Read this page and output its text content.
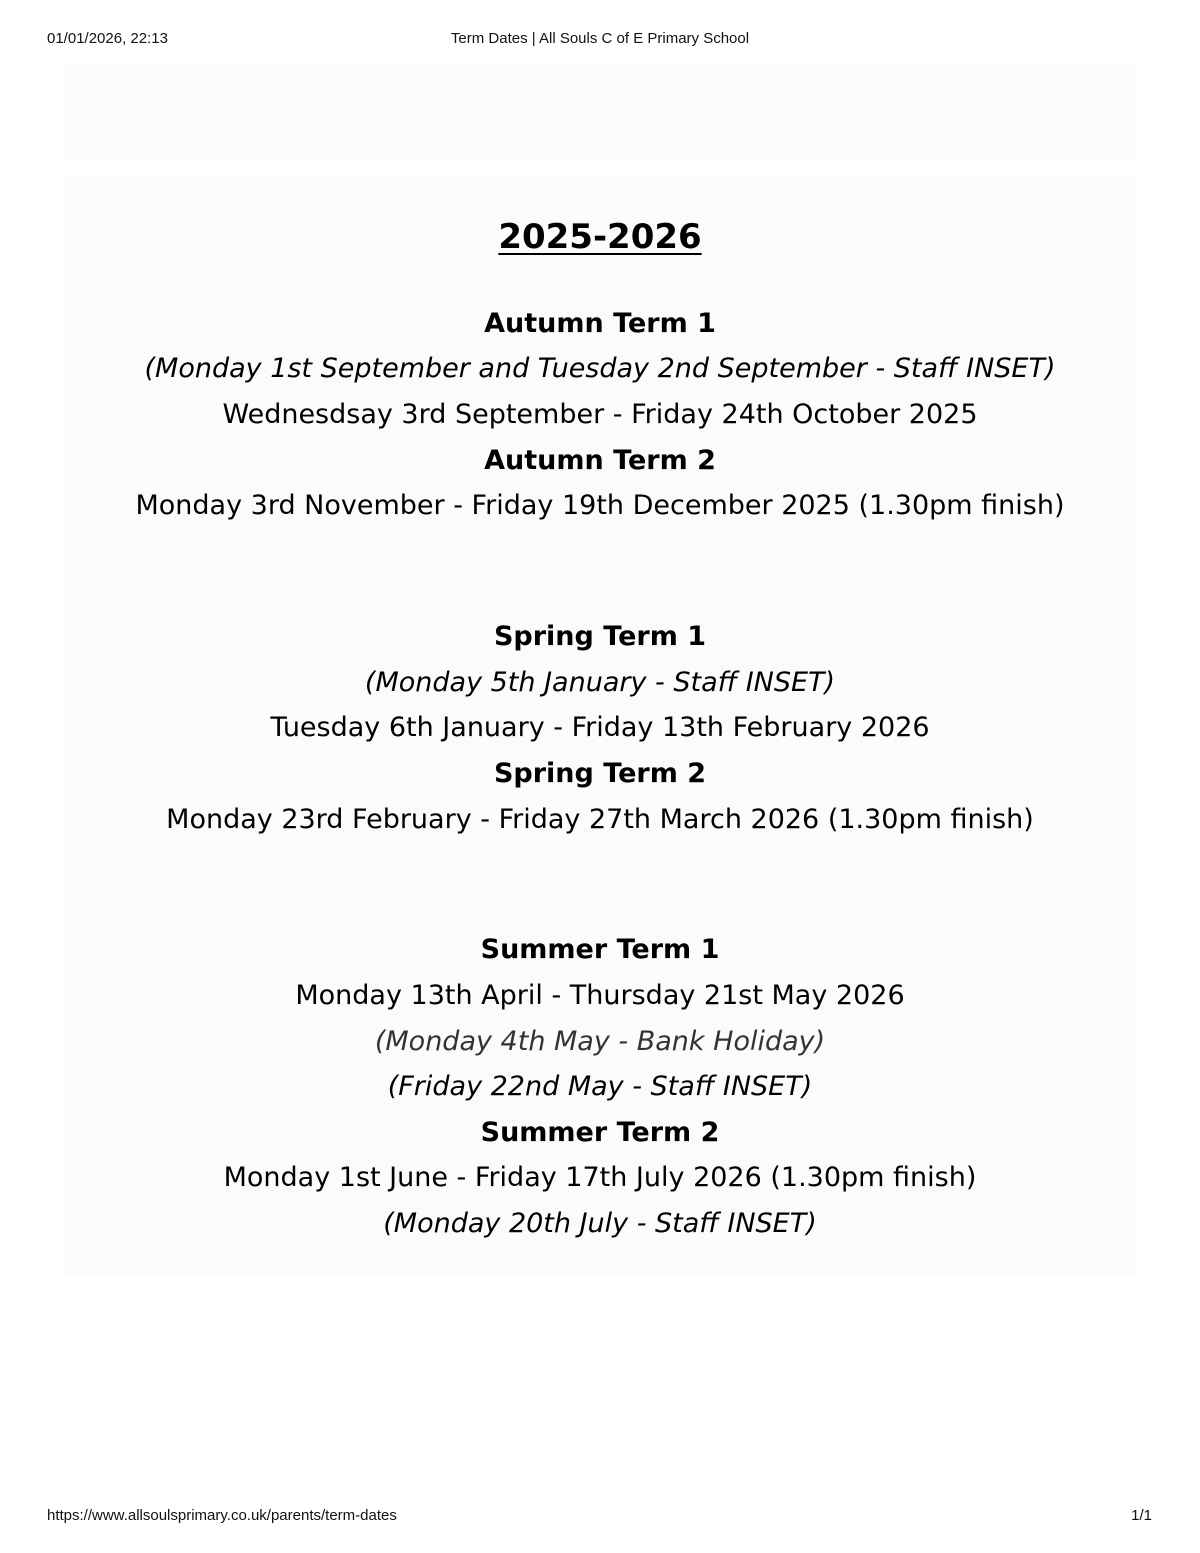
01/01/2026, 22:13	Term Dates | All Souls C of E Primary School
2025-2026
Autumn Term 1
(Monday 1st September and Tuesday 2nd September - Staff INSET)
Wednesdsay 3rd September - Friday 24th October 2025
Autumn Term 2
Monday 3rd November - Friday 19th December 2025 (1.30pm finish)
Spring Term 1
(Monday 5th January - Staff INSET)
Tuesday 6th January - Friday 13th February 2026
Spring Term 2
Monday 23rd February - Friday 27th March 2026 (1.30pm finish)
Summer Term 1
Monday 13th April - Thursday 21st May 2026
(Monday 4th May - Bank Holiday)
(Friday 22nd May - Staff INSET)
Summer Term 2
Monday 1st June - Friday 17th July 2026 (1.30pm finish)
(Monday 20th July - Staff INSET)
https://www.allsoulsprimary.co.uk/parents/term-dates	1/1
